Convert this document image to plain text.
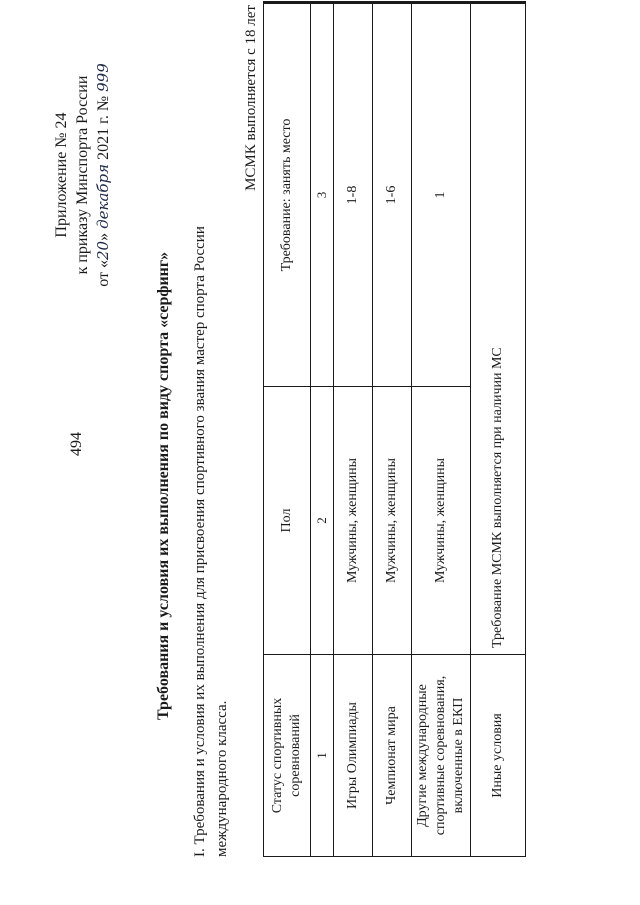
494
Приложение № 24 к приказу Минспорта России от «20» декабря 2021 г. № 999
Требования и условия их выполнения по виду спорта «серфинг» I. Требования и условия их выполнения для присвоения спортивного звания мастер спорта России международного класса.
МСМК выполняется с 18 лет
Статус спортивных соревнований	Пол	Требование: занять место
1	2	3
Игры Олимпиады	Мужчины, женщины	1-8
Чемпионат мира	Мужчины, женщины	1-6
Другие международные спортивные соревнования, включенные в ЕКП	Мужчины, женщины	1
Иные условия	Требование МСМК выполняется при наличии МС	
